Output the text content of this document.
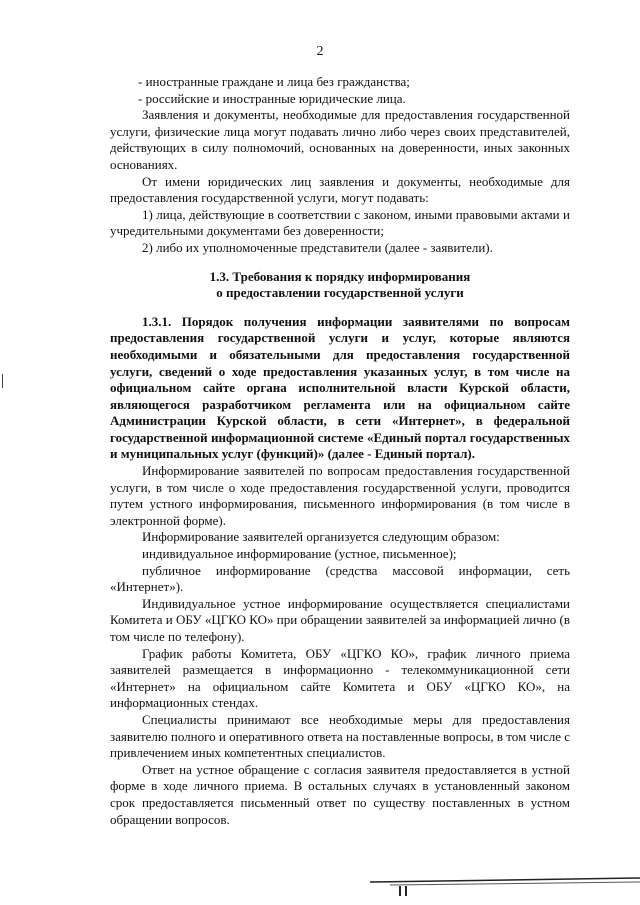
2

- иностранные граждане и лица без гражданства;

- российские и иностранные юридические лица.

Заявления и документы, необходимые для предоставления государственной услуги, физические лица могут подавать лично либо через своих представителей, действующих в силу полномочий, основанных на доверенности, иных законных основаниях.

От имени юридических лиц заявления и документы, необходимые для предоставления государственной услуги, могут подавать:

1) лица, действующие в соответствии с законом, иными правовыми актами и учредительными документами без доверенности;

2) либо их уполномоченные представители (далее - заявители).

1.3. Требования к порядку информирования
о предоставлении государственной услуги

1.3.1. Порядок получения информации заявителями по вопросам предоставления государственной услуги и услуг, которые являются необходимыми и обязательными для предоставления государственной услуги, сведений о ходе предоставления указанных услуг, в том числе на официальном сайте органа исполнительной власти Курской области, являющегося разработчиком регламента или на официальном сайте Администрации Курской области, в сети «Интернет», в федеральной государственной информационной системе «Единый портал государственных и муниципальных услуг (функций)» (далее - Единый портал).

Информирование заявителей по вопросам предоставления государственной услуги, в том числе о ходе предоставления государственной услуги, проводится путем устного информирования, письменного информирования (в том числе в электронной форме).

Информирование заявителей организуется следующим образом:

индивидуальное информирование (устное, письменное);

публичное информирование (средства массовой информации, сеть «Интернет»).

Индивидуальное устное информирование осуществляется специалистами Комитета и ОБУ «ЦГКО КО» при обращении заявителей за информацией лично (в том числе по телефону).

График работы Комитета, ОБУ «ЦГКО КО», график личного приема заявителей размещается в информационно - телекоммуникационной сети «Интернет» на официальном сайте Комитета и ОБУ «ЦГКО КО», на информационных стендах.

Специалисты принимают все необходимые меры для предоставления заявителю полного и оперативного ответа на поставленные вопросы, в том числе с привлечением иных компетентных специалистов.

Ответ на устное обращение с согласия заявителя предоставляется в устной форме в ходе личного приема. В остальных случаях в установленный законом срок предоставляется письменный ответ по существу поставленных в устном обращении вопросов.
